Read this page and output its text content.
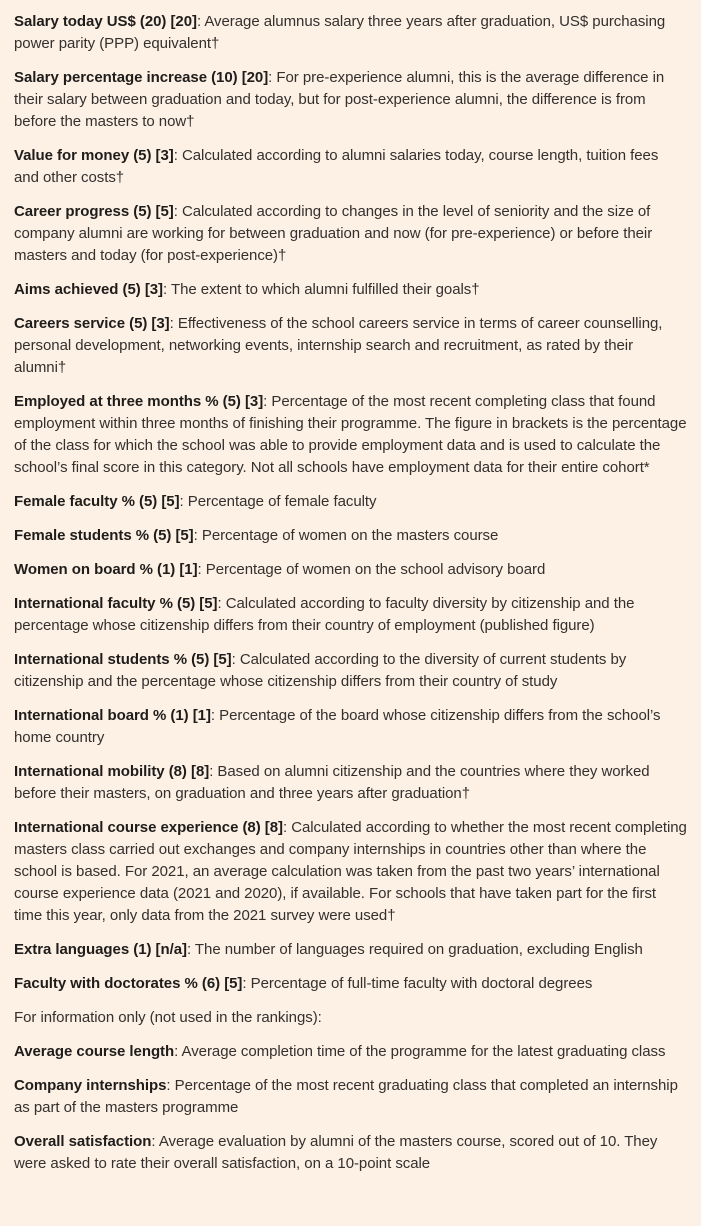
Salary today US$ (20) [20]: Average alumnus salary three years after graduation, US$ purchasing power parity (PPP) equivalent†

Salary percentage increase (10) [20]: For pre-experience alumni, this is the average difference in their salary between graduation and today, but for post-experience alumni, the difference is from before the masters to now†

Value for money (5) [3]: Calculated according to alumni salaries today, course length, tuition fees and other costs†

Career progress (5) [5]: Calculated according to changes in the level of seniority and the size of company alumni are working for between graduation and now (for pre-experience) or before their masters and today (for post-experience)†

Aims achieved (5) [3]: The extent to which alumni fulfilled their goals†

Careers service (5) [3]: Effectiveness of the school careers service in terms of career counselling, personal development, networking events, internship search and recruitment, as rated by their alumni†

Employed at three months % (5) [3]: Percentage of the most recent completing class that found employment within three months of finishing their programme. The figure in brackets is the percentage of the class for which the school was able to provide employment data and is used to calculate the school’s final score in this category. Not all schools have employment data for their entire cohort*

Female faculty % (5) [5]: Percentage of female faculty

Female students % (5) [5]: Percentage of women on the masters course

Women on board % (1) [1]: Percentage of women on the school advisory board

International faculty % (5) [5]: Calculated according to faculty diversity by citizenship and the percentage whose citizenship differs from their country of employment (published figure)

International students % (5) [5]: Calculated according to the diversity of current students by citizenship and the percentage whose citizenship differs from their country of study

International board % (1) [1]: Percentage of the board whose citizenship differs from the school’s home country

International mobility (8) [8]: Based on alumni citizenship and the countries where they worked before their masters, on graduation and three years after graduation†

International course experience (8) [8]: Calculated according to whether the most recent completing masters class carried out exchanges and company internships in countries other than where the school is based. For 2021, an average calculation was taken from the past two years’ international course experience data (2021 and 2020), if available. For schools that have taken part for the first time this year, only data from the 2021 survey were used†

Extra languages (1) [n/a]: The number of languages required on graduation, excluding English

Faculty with doctorates % (6) [5]: Percentage of full-time faculty with doctoral degrees

For information only (not used in the rankings):

Average course length: Average completion time of the programme for the latest graduating class

Company internships: Percentage of the most recent graduating class that completed an internship as part of the masters programme

Overall satisfaction: Average evaluation by alumni of the masters course, scored out of 10. They were asked to rate their overall satisfaction, on a 10-point scale
